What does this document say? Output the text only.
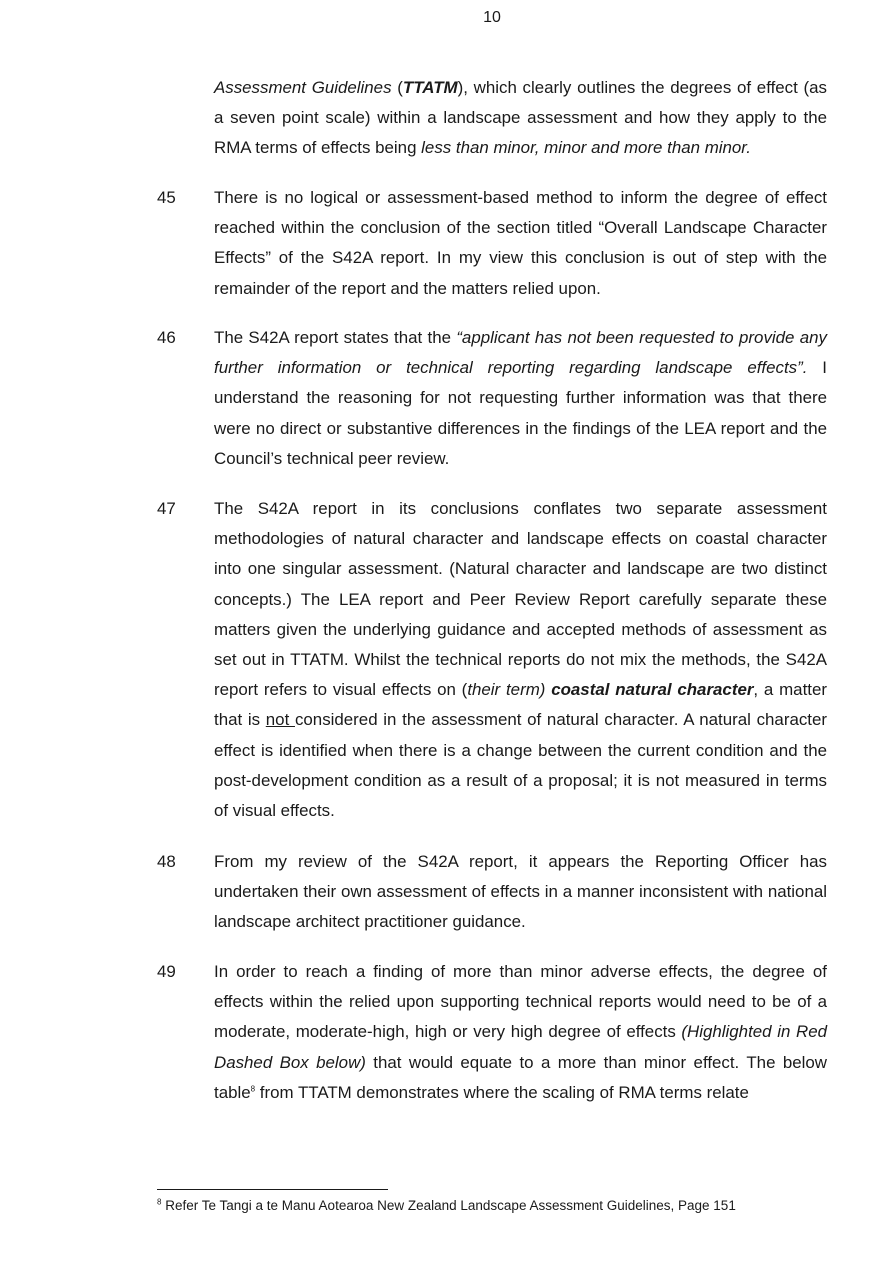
10
Assessment Guidelines (TTATM), which clearly outlines the degrees of effect (as a seven point scale) within a landscape assessment and how they apply to the RMA terms of effects being less than minor, minor and more than minor.
45 There is no logical or assessment-based method to inform the degree of effect reached within the conclusion of the section titled “Overall Landscape Character Effects” of the S42A report. In my view this conclusion is out of step with the remainder of the report and the matters relied upon.
46 The S42A report states that the “applicant has not been requested to provide any further information or technical reporting regarding landscape effects”. I understand the reasoning for not requesting further information was that there were no direct or substantive differences in the findings of the LEA report and the Council’s technical peer review.
47 The S42A report in its conclusions conflates two separate assessment methodologies of natural character and landscape effects on coastal character into one singular assessment. (Natural character and landscape are two distinct concepts.) The LEA report and Peer Review Report carefully separate these matters given the underlying guidance and accepted methods of assessment as set out in TTATM. Whilst the technical reports do not mix the methods, the S42A report refers to visual effects on (their term) coastal natural character, a matter that is not considered in the assessment of natural character. A natural character effect is identified when there is a change between the current condition and the post-development condition as a result of a proposal; it is not measured in terms of visual effects.
48 From my review of the S42A report, it appears the Reporting Officer has undertaken their own assessment of effects in a manner inconsistent with national landscape architect practitioner guidance.
49 In order to reach a finding of more than minor adverse effects, the degree of effects within the relied upon supporting technical reports would need to be of a moderate, moderate-high, high or very high degree of effects (Highlighted in Red Dashed Box below) that would equate to a more than minor effect. The below table$^8$ from TTATM demonstrates where the scaling of RMA terms relate
$^8$ Refer Te Tangi a te Manu Aotearoa New Zealand Landscape Assessment Guidelines, Page 151
